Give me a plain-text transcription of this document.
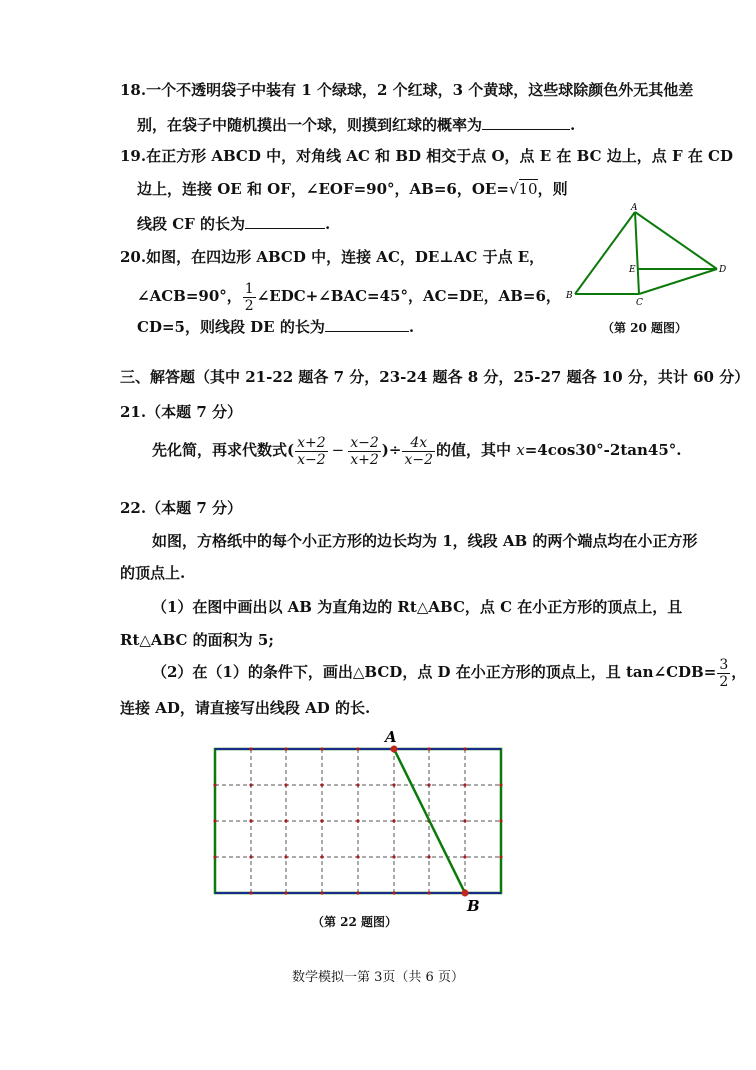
18.一个不透明袋子中装有 1 个绿球，2 个红球，3 个黄球，这些球除颜色外无其他差
别，在袋子中随机摸出一个球，则摸到红球的概率为	.
19.在正方形 ABCD 中，对角线 AC 和 BD 相交于点 O，点 E 在 BC 边上，点 F 在 CD
边上，连接 OE 和 OF，∠EOF=90°，AB=6，OE=√10，则
线段 CF 的长为	.
20.如图，在四边形 ABCD 中，连接 AC，DE⊥AC 于点 E，
∠ACB=90°， $\frac{1}{2}$ ∠EDC+∠BAC=45°，AC=DE，AB=6，
CD=5，则线段 DE 的长为	.
A
E	D
B
C
（第 20 题图）
三、解答题（其中 21-22 题各 7 分，23-24 题各 8 分，25-27 题各 10 分，共计 60 分）
21.（本题 7 分）
先化简，再求代数式( $\frac{x+2}{x-2} - \frac{x-2}{x+2}$ )÷ $\frac{4x}{x-2}$ 的值，其中 x=4cos30°-2tan45°.
22.（本题 7 分）
如图，方格纸中的每个小正方形的边长均为 1，线段 AB 的两个端点均在小正方形
的顶点上.
（1）在图中画出以 AB 为直角边的 Rt△ABC，点 C 在小正方形的顶点上，且
Rt△ABC 的面积为 5;
（2）在（1）的条件下，画出△BCD，点 D 在小正方形的顶点上，且 tan∠CDB= $\frac{3}{2}$ ，
连接 AD，请直接写出线段 AD 的长.
A
B
（第 22 题图）
数学模拟一第 3页（共 6 页）
